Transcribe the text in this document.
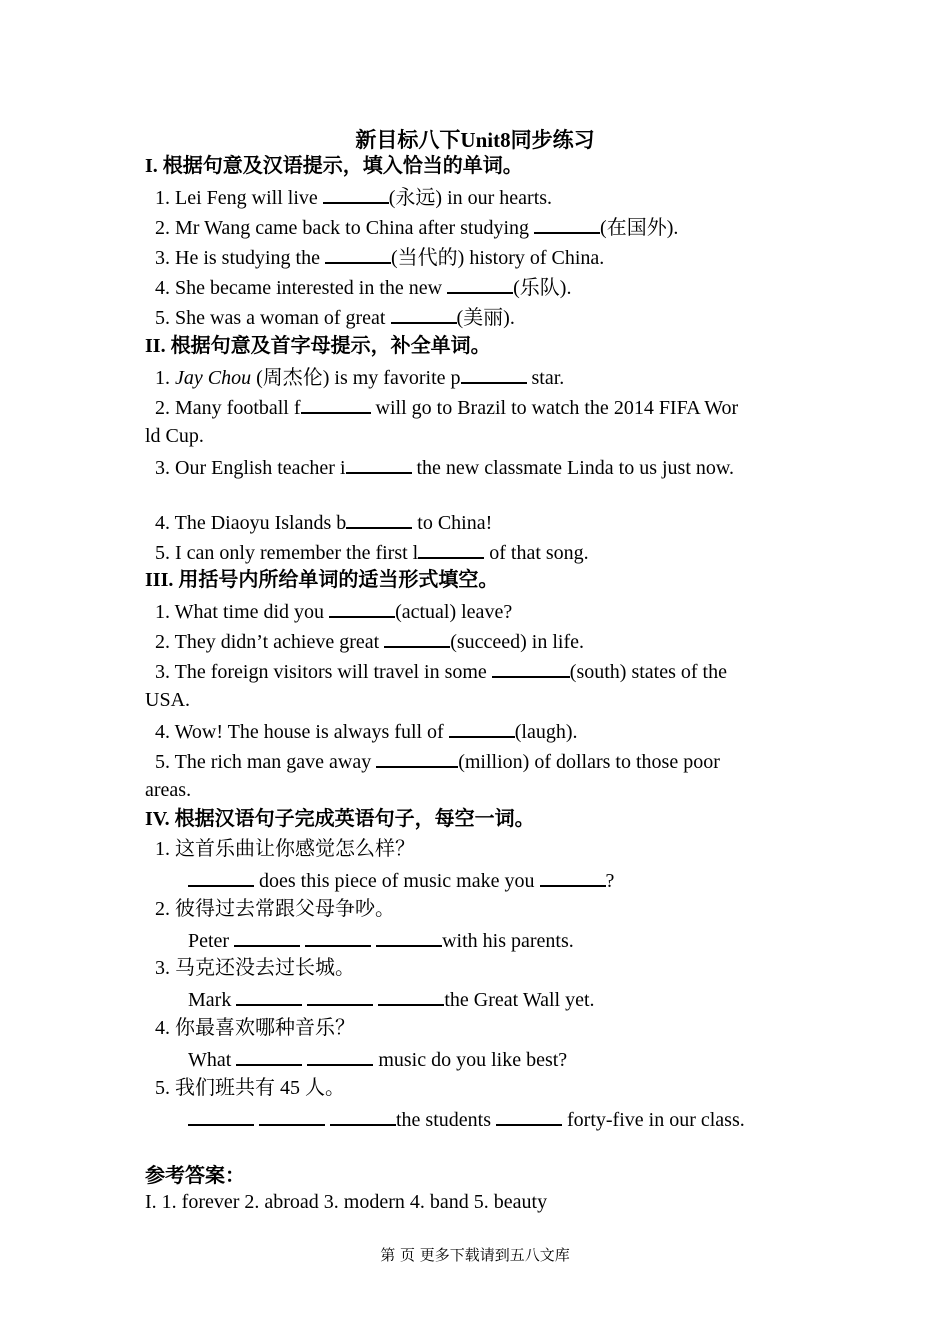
新目标八下Unit8同步练习
I. 根据句意及汉语提示，填入恰当的单词。
1. Lei Feng will live	(永远) in our hearts.
2. Mr Wang came back to China after studying	(在国外).
3. He is studying the	(当代的) history of China.
4. She became interested in the new	(乐队).
5. She was a woman of great	(美丽).
II. 根据句意及首字母提示，补全单词。
1. Jay Chou (周杰伦) is my favorite p	star.
2. Many football f	will go to Brazil to watch the 2014 FIFA Wor
ld Cup.
3. Our English teacher i	the new classmate Linda to us just now.
4. The Diaoyu Islands b	to China!
5. I can only remember the first l	of that song.
III. 用括号内所给单词的适当形式填空。
1. What time did you	(actual) leave?
2. They didn’t achieve great	(succeed) in life.
3. The foreign visitors will travel in some	(south) states of the
USA.
4. Wow! The house is always full of	(laugh).
5. The rich man gave away	(million) of dollars to those poor
areas.
IV. 根据汉语句子完成英语句子，每空一词。
1. 这首乐曲让你感觉怎么样？
does this piece of music make you	?
2. 彼得过去常跟父母争吵。
Peter	with his parents.
3. 马克还没去过长城。
Mark	the Great Wall yet.
4. 你最喜欢哪种音乐？
What	music do you like best?
5. 我们班共有 45 人。
the students	forty-five in our class.
参考答案：
I. 1. forever 2. abroad 3. modern 4. band 5. beauty
第 页 更多下载请到五八文库
